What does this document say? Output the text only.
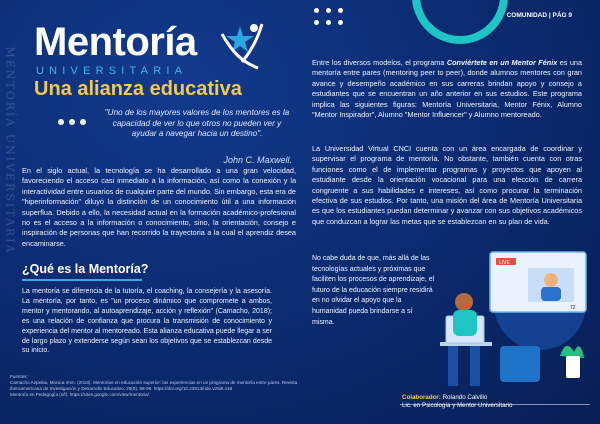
MENTORÍA UNIVERSITARIA
Mentoría
UNIVERSITARIA
Una alianza educativa
"Uno de los mayores valores de los mentores es la capacidad de ver lo que otros no pueden ver y ayudar a navegar hacia un destino".
John C. Maxwell.

En el siglo actual, la tecnología se ha desarrollado a una gran velocidad, favoreciendo el acceso casi inmediato a la información, así como la conexión y la interactividad entre usuarios de cualquier parte del mundo. Sin embargo, esta era de "hiperinformación" diluyó la distinción de un conocimiento útil a una información superflua. Debido a ello, la necesidad actual en la formación académico-profesional no es el acceso a la información o conocimiento, sino, la orientación, consejo e inspiración de personas que han recorrido la trayectoria a la cual el aprendiz desea encaminarse.

¿Qué es la Mentoría?

La mentoría se diferencia de la tutoría, el coaching, la consejería y la asesoría. La mentoría, por tanto, es "un proceso dinámico que compromete a ambos, mentor y mentorando, al autoaprendizaje, acción y reflexión" (Camacho, 2018); es una relación de confianza que procura la transmisión de conocimiento y experiencia del mentor al mentoreado. Esta alianza educativa puede llegar a ser de largo plazo y extenderse según sean los objetivos que se establezcan desde su inicio.

Fuentes:
Camacho Azpeitia, Monica Imm. (2018). Mentorías en educación superior: las experiencias en un programa de mentoría entre pares. Revista Iberoamericana de Investigación y Desarrollo Educativo, 25(9), 86-99. https://doi.org/10.23913/ride.v25i9.418
Mentoría en Pedagogía (s/f). https://sites.google.com/view/mentoria/
COMUNIDAD | PÁG 9

Entre los diversos modelos, el programa Conviértete en un Mentor Fénix es una mentoría entre pares (mentoring peer to peer), donde alumnos mentores con gran avance y desempeño académico en sus carreras brindan apoyo y consejo a estudiantes que se encuentran un año anterior en sus estudios. Este programa implica las siguientes figuras: Mentoría Universitaria, Mentor Fénix, Alumno "Mentor Inspirador", Alumno "Mentor Influencer" y Alumno mentoreado.

La Universidad Virtual CNCI cuenta con un área encargada de coordinar y supervisar el programa de mentoría. No obstante, también cuenta con otras funciones como el de implementar programas y proyectos que apoyen al estudiante desde la orientación vocacional para una elección de carrera congruente a sus habilidades e intereses, así como procurar la terminación efectiva de sus estudios. Por tanto, una misión del área de Mentoría Universitaria es que los estudiantes puedan determinar y avanzar con sus objetivos académicos que conduzcan a lograr las metas que se establezcan en su plan de vida.

No cabe duda de que, más allá de las tecnologías actuales y próximas que faciliten los procesos de aprendizaje, el futuro de la educación siempre residirá en no olvidar el apoyo que la humanidad pueda brindarse a sí misma.

LIVE
72
Colaborador: Rolando Calvillo
Lic. en Psicología y Mentor Universitario
